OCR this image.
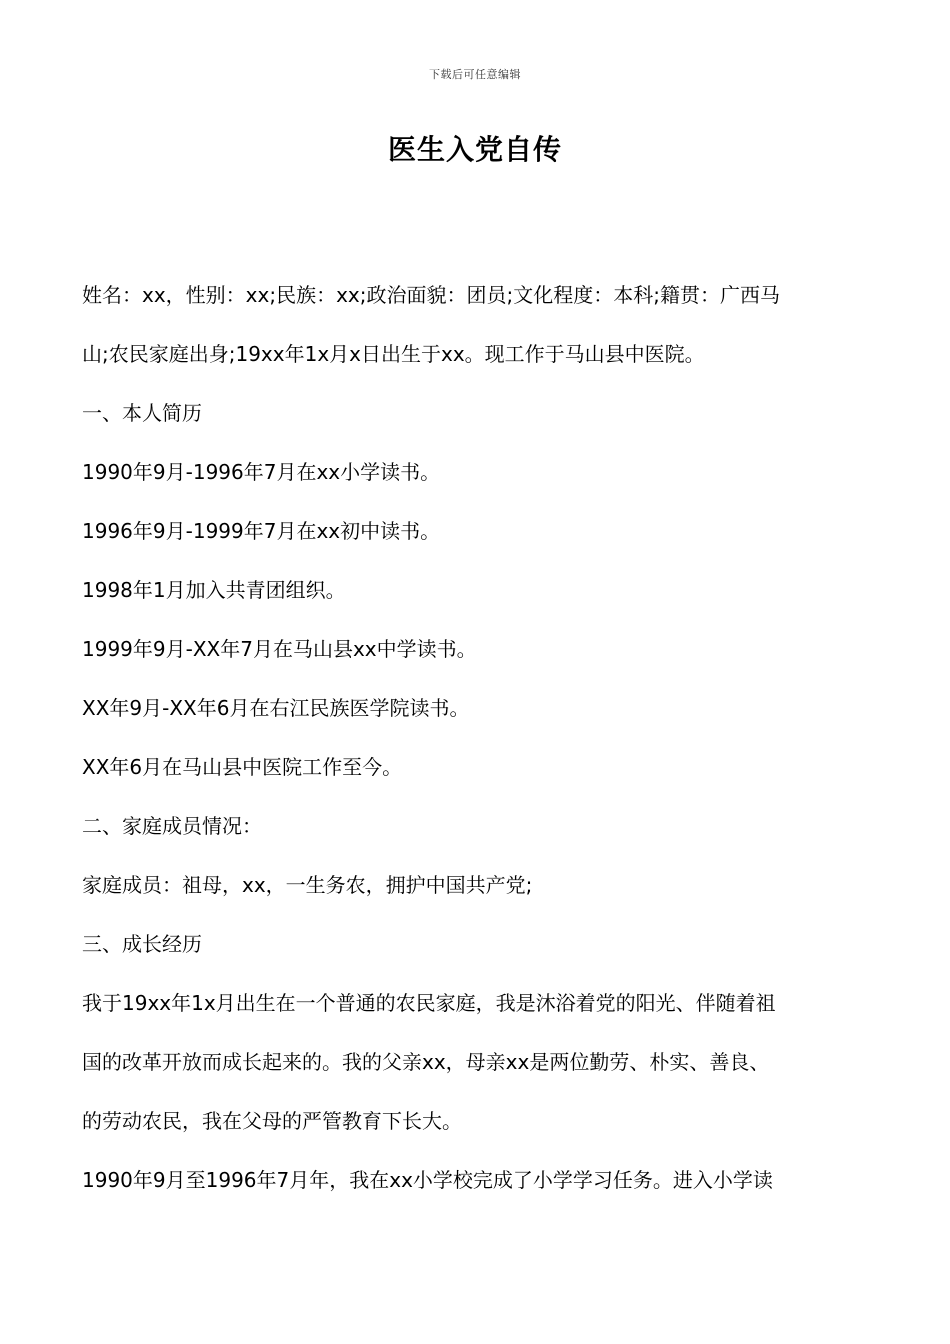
下载后可任意编辑
医生入党自传
姓名：xx，性别：xx;民族：xx;政治面貌：团员;文化程度：本科;籍贯：广西马
山;农民家庭出身;19xx年1x月x日出生于xx。现工作于马山县中医院。
一、本人简历
1990年9月-1996年7月在xx小学读书。
1996年9月-1999年7月在xx初中读书。
1998年1月加入共青团组织。
1999年9月-XX年7月在马山县xx中学读书。
XX年9月-XX年6月在右江民族医学院读书。
XX年6月在马山县中医院工作至今。
二、家庭成员情况：
家庭成员：祖母，xx，一生务农，拥护中国共产党;
三、成长经历
我于19xx年1x月出生在一个普通的农民家庭，我是沐浴着党的阳光、伴随着祖
国的改革开放而成长起来的。我的父亲xx，母亲xx是两位勤劳、朴实、善良、
的劳动农民，我在父母的严管教育下长大。
1990年9月至1996年7月年，我在xx小学校完成了小学学习任务。进入小学读
